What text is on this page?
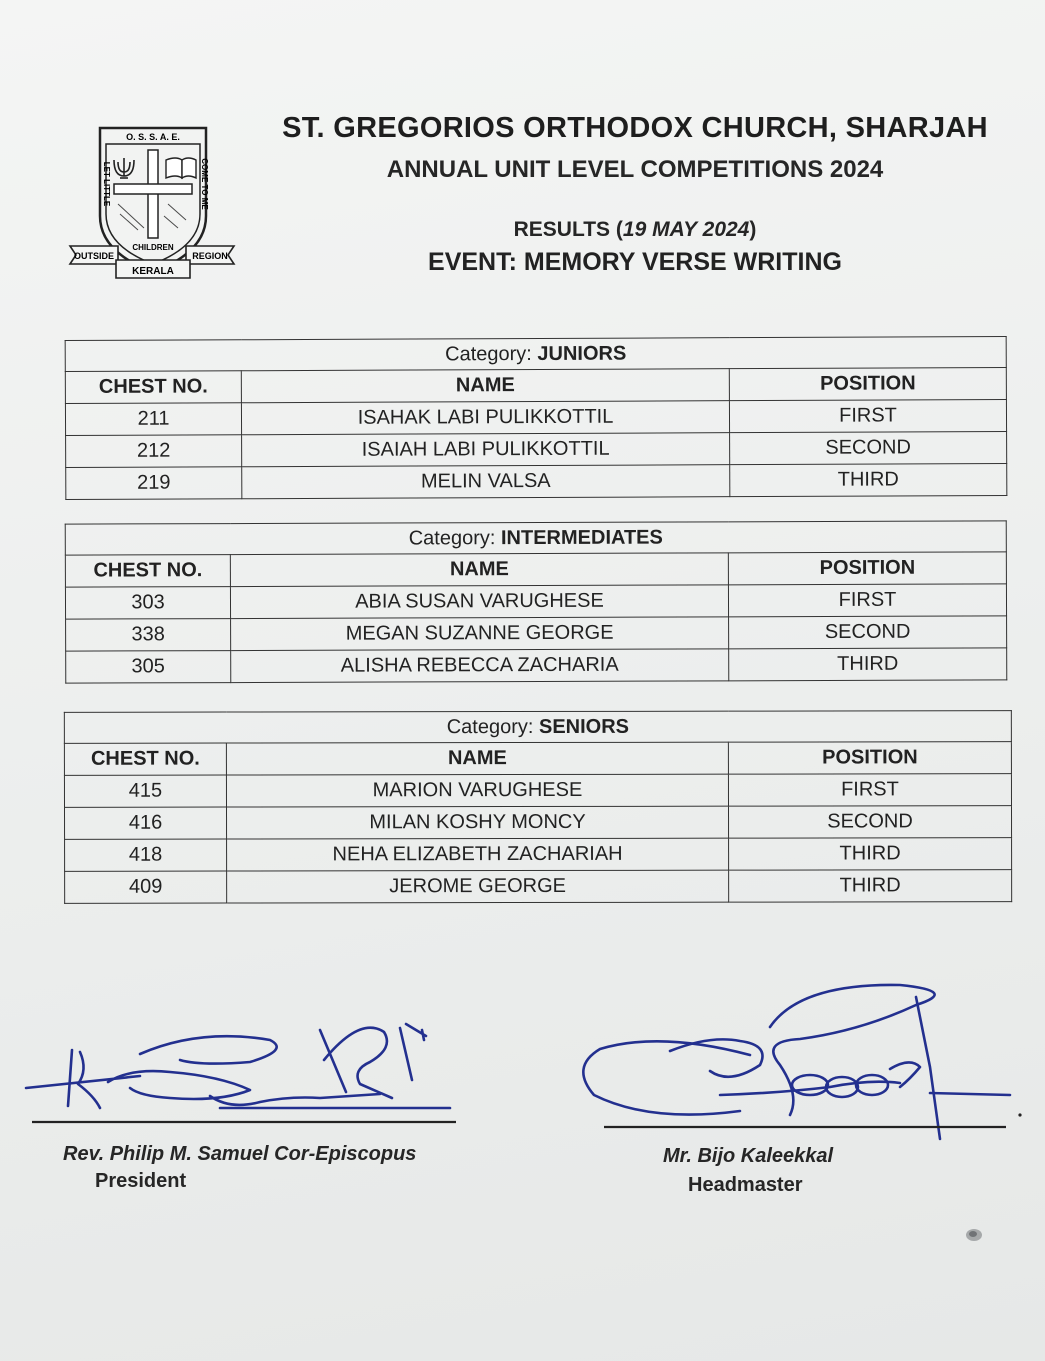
O. S. S. A. E.
LET LITTLE	COME TO ME
CHILDREN
OUTSIDE
KERALA
REGION
ST. GREGORIOS ORTHODOX CHURCH, SHARJAH
ANNUAL UNIT LEVEL COMPETITIONS 2024
RESULTS (19 MAY 2024)
EVENT: MEMORY VERSE WRITING
Category: JUNIORS		
CHEST NO.	NAME	POSITION
211	ISAHAK LABI PULIKKOTTIL	FIRST
212	ISAIAH LABI PULIKKOTTIL	SECOND
219	MELIN VALSA	THIRD
Category: INTERMEDIATES		
CHEST NO.	NAME	POSITION
303	ABIA SUSAN VARUGHESE	FIRST
338	MEGAN SUZANNE GEORGE	SECOND
305	ALISHA REBECCA ZACHARIA	THIRD
Category: SENIORS		
CHEST NO.	NAME	POSITION
415	MARION VARUGHESE	FIRST
416	MILAN KOSHY MONCY	SECOND
418	NEHA ELIZABETH ZACHARIAH	THIRD
409	JEROME GEORGE	THIRD
Rev. Philip M. Samuel Cor-Episcopus
President
Mr. Bijo Kaleekkal
Headmaster
